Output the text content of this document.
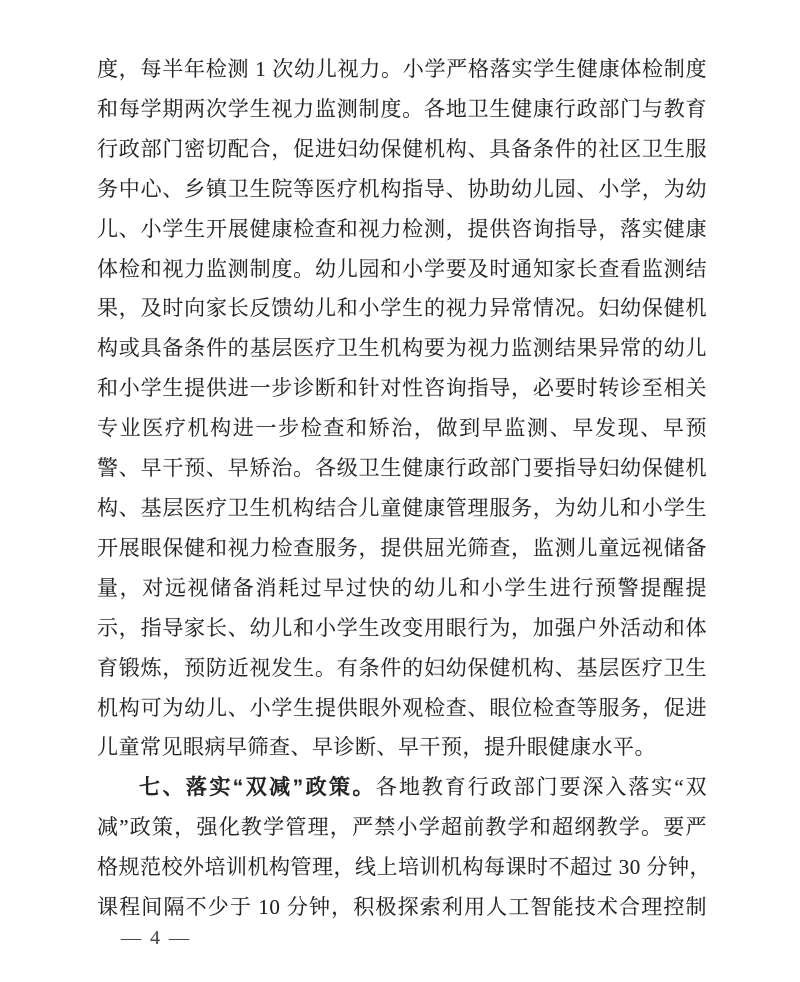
度，每半年检测 1 次幼儿视力。小学严格落实学生健康体检制度
和每学期两次学生视力监测制度。各地卫生健康行政部门与教育
行政部门密切配合，促进妇幼保健机构、具备条件的社区卫生服
务中心、乡镇卫生院等医疗机构指导、协助幼儿园、小学，为幼
儿、小学生开展健康检查和视力检测，提供咨询指导，落实健康
体检和视力监测制度。幼儿园和小学要及时通知家长查看监测结
果，及时向家长反馈幼儿和小学生的视力异常情况。妇幼保健机
构或具备条件的基层医疗卫生机构要为视力监测结果异常的幼儿
和小学生提供进一步诊断和针对性咨询指导，必要时转诊至相关
专业医疗机构进一步检查和矫治，做到早监测、早发现、早预
警、早干预、早矫治。各级卫生健康行政部门要指导妇幼保健机
构、基层医疗卫生机构结合儿童健康管理服务，为幼儿和小学生
开展眼保健和视力检查服务，提供屈光筛查，监测儿童远视储备
量，对远视储备消耗过早过快的幼儿和小学生进行预警提醒提
示，指导家长、幼儿和小学生改变用眼行为，加强户外活动和体
育锻炼，预防近视发生。有条件的妇幼保健机构、基层医疗卫生
机构可为幼儿、小学生提供眼外观检查、眼位检查等服务，促进
儿童常见眼病早筛查、早诊断、早干预，提升眼健康水平。
七、落实“双减”政策。各地教育行政部门要深入落实“双
减”政策，强化教学管理，严禁小学超前教学和超纲教学。要严
格规范校外培训机构管理，线上培训机构每课时不超过 30 分钟，
课程间隔不少于 10 分钟，积极探索利用人工智能技术合理控制
— 4 —
